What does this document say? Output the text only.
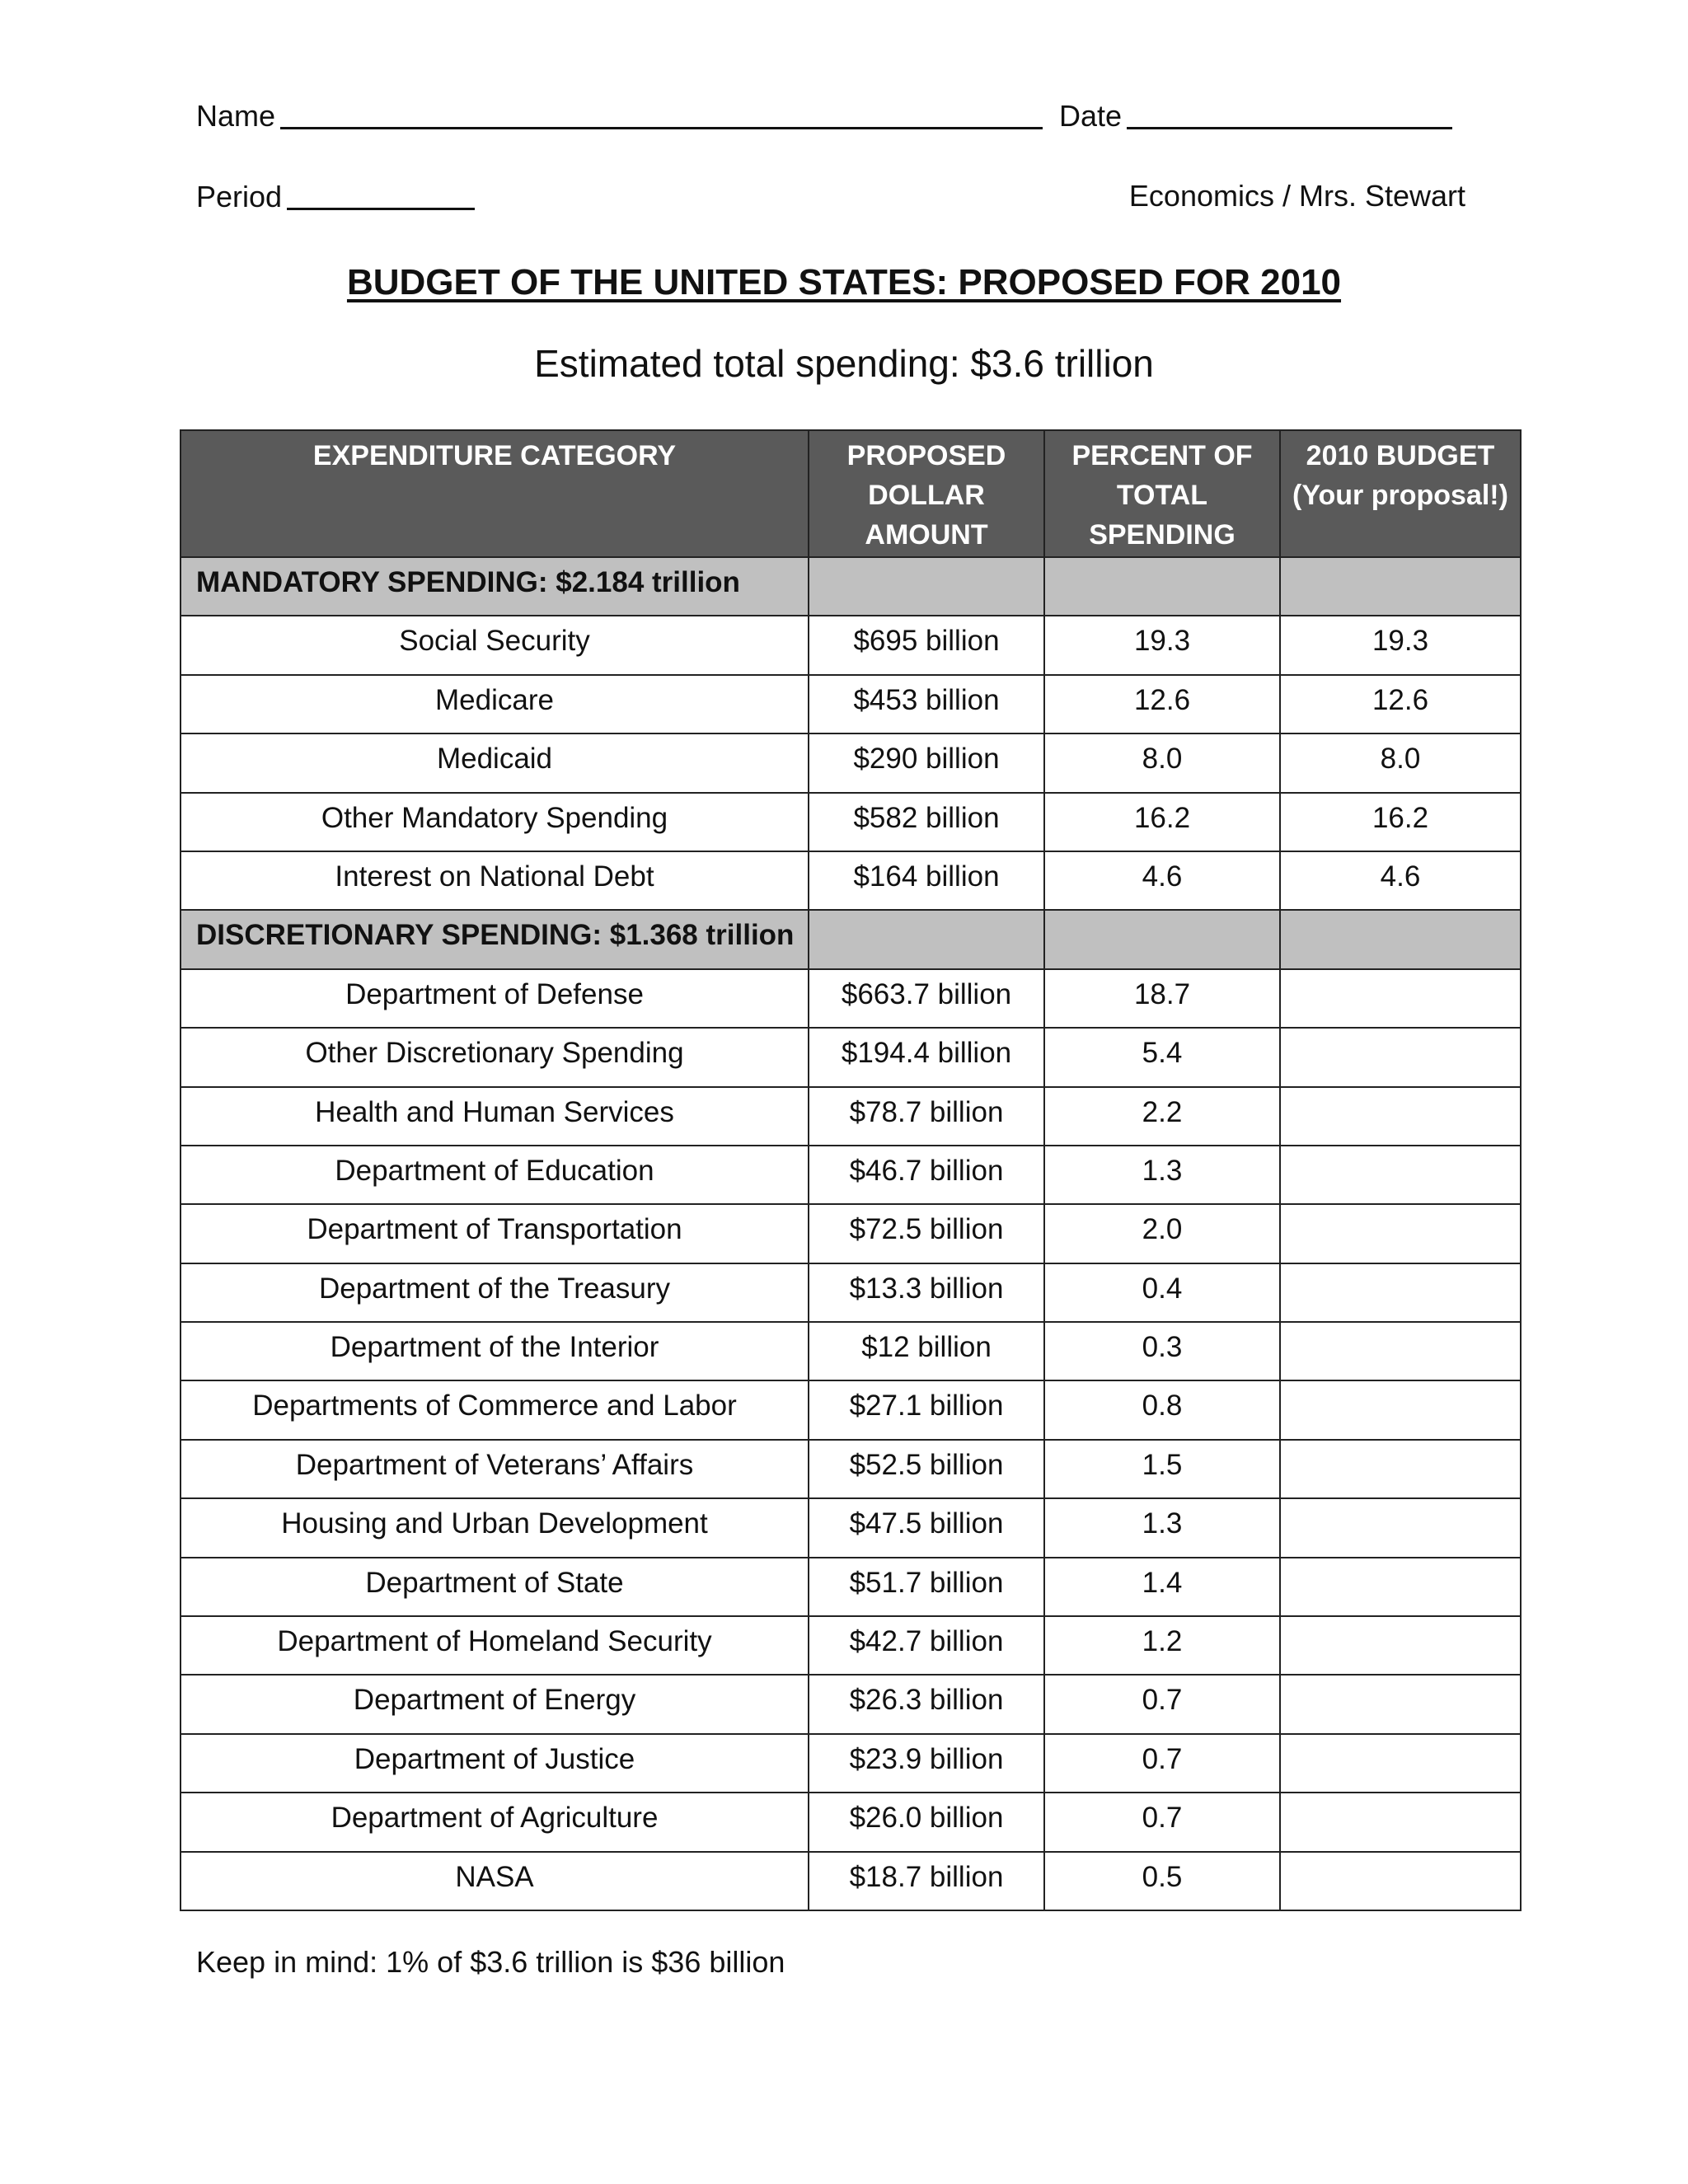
Name	Date
Period	Economics / Mrs. Stewart
BUDGET OF THE UNITED STATES: PROPOSED FOR 2010
Estimated total spending: $3.6 trillion
EXPENDITURE CATEGORY	PROPOSED DOLLAR AMOUNT	PERCENT OF TOTAL SPENDING	2010 BUDGET (Your proposal!)
MANDATORY SPENDING: $2.184 trillion			
Social Security	$695 billion	19.3	19.3
Medicare	$453 billion	12.6	12.6
Medicaid	$290 billion	8.0	8.0
Other Mandatory Spending	$582 billion	16.2	16.2
Interest on National Debt	$164 billion	4.6	4.6
DISCRETIONARY SPENDING: $1.368 trillion			
Department of Defense	$663.7 billion	18.7	
Other Discretionary Spending	$194.4 billion	5.4	
Health and Human Services	$78.7 billion	2.2	
Department of Education	$46.7 billion	1.3	
Department of Transportation	$72.5 billion	2.0	
Department of the Treasury	$13.3 billion	0.4	
Department of the Interior	$12 billion	0.3	
Departments of Commerce and Labor	$27.1 billion	0.8	
Department of Veterans’ Affairs	$52.5 billion	1.5	
Housing and Urban Development	$47.5 billion	1.3	
Department of State	$51.7 billion	1.4	
Department of Homeland Security	$42.7 billion	1.2	
Department of Energy	$26.3 billion	0.7	
Department of Justice	$23.9 billion	0.7	
Department of Agriculture	$26.0 billion	0.7	
NASA	$18.7 billion	0.5	
Keep in mind: 1% of $3.6 trillion is $36 billion
